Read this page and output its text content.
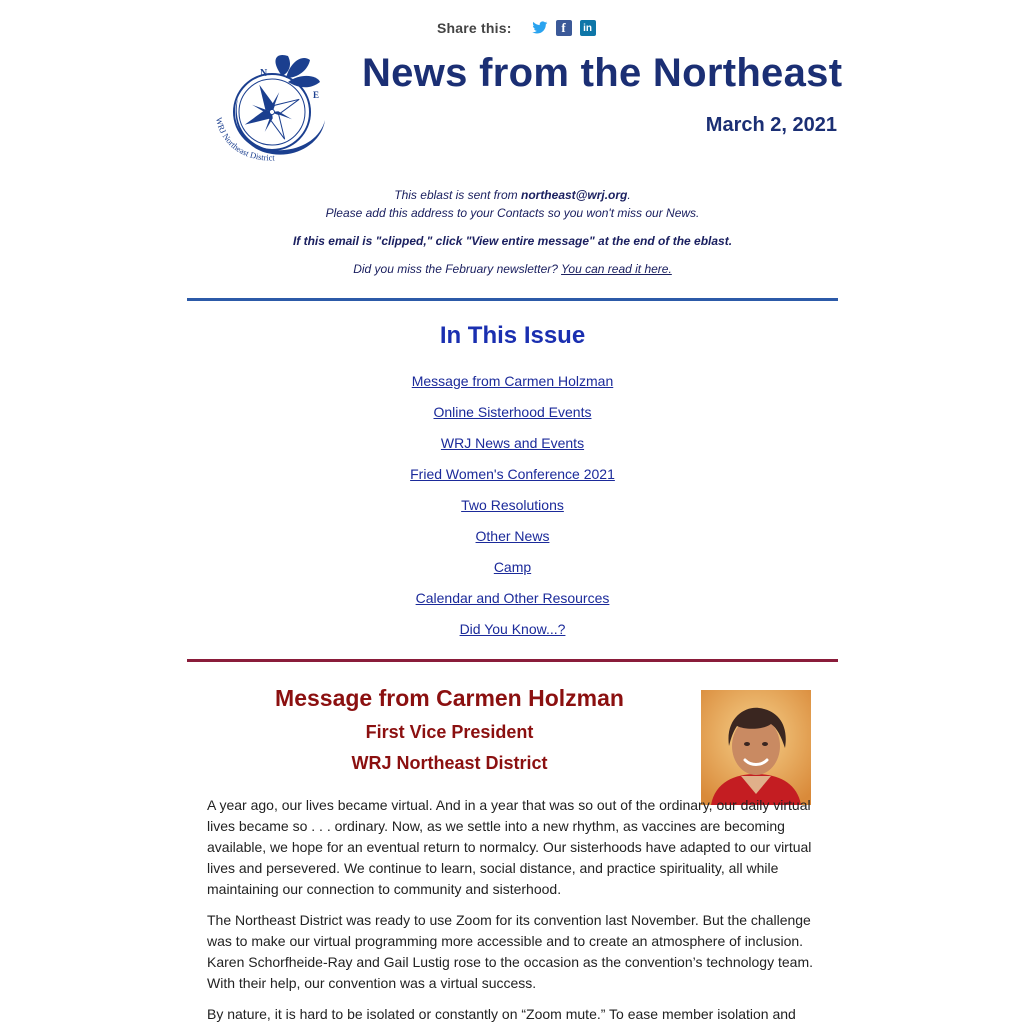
Share this:	f	in
N
E
WRJ Northeast District
News from the Northeast
March 2, 2021
This eblast is sent from northeast@wrj.org.
Please add this address to your Contacts so you won't miss our News.
If this email is "clipped," click "View entire message" at the end of the eblast.
Did you miss the February newsletter? You can read it here.
In This Issue
Message from Carmen Holzman
Online Sisterhood Events
WRJ News and Events
Fried Women's Conference 2021
Two Resolutions
Other News
Camp
Calendar and Other Resources
Did You Know...?
Message from Carmen Holzman
First Vice President
WRJ Northeast District

A year ago, our lives became virtual. And in a year that was so out of the ordinary, our daily virtual lives became so . . . ordinary. Now, as we settle into a new rhythm, as vaccines are becoming available, we hope for an eventual return to normalcy. Our sisterhoods have adapted to our virtual lives and persevered. We continue to learn, social distance, and practice spirituality, all while maintaining our connection to community and sisterhood.

The Northeast District was ready to use Zoom for its convention last November. But the challenge was to make our virtual programming more accessible and to create an atmosphere of inclusion. Karen Schorfheide-Ray and Gail Lustig rose to the occasion as the convention’s technology team. With their help, our convention was a virtual success.

By nature, it is hard to be isolated or constantly on “Zoom mute.” To ease member isolation and
